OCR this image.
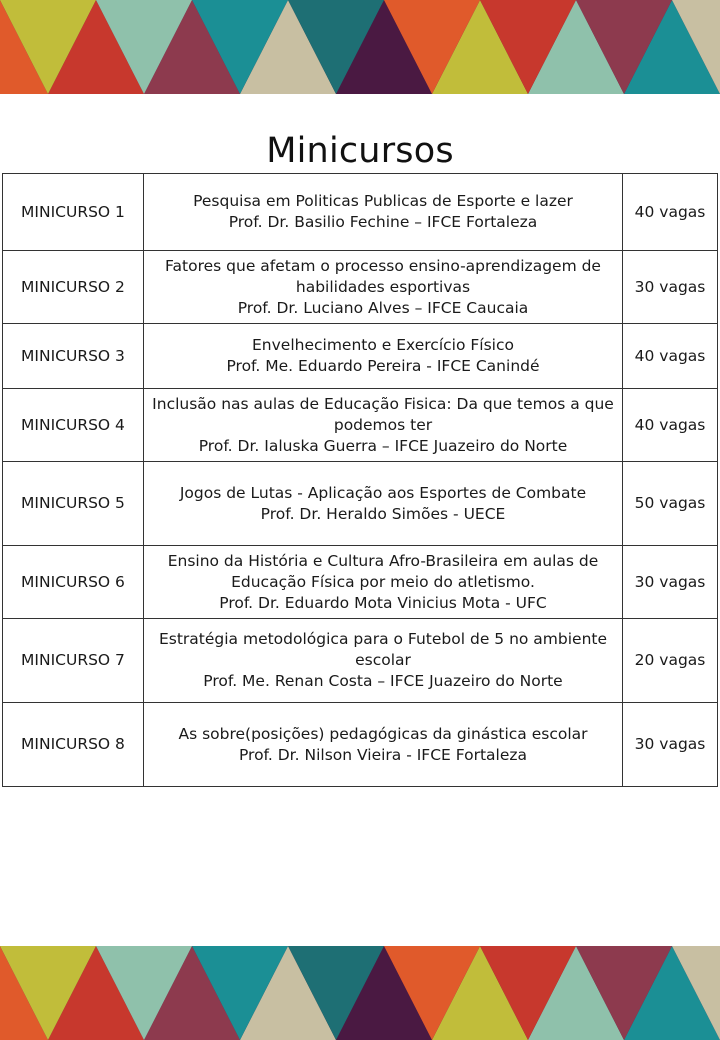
Minicursos
MINICURSO 1	Pesquisa em Politicas Publicas de Esporte e lazer
Prof. Dr. Basilio Fechine – IFCE Fortaleza	40 vagas
MINICURSO 2	Fatores que afetam o processo ensino-aprendizagem de
habilidades esportivas
Prof. Dr. Luciano Alves – IFCE Caucaia	30 vagas
MINICURSO 3	Envelhecimento e Exercício Físico
Prof. Me. Eduardo Pereira - IFCE Canindé	40 vagas
MINICURSO 4	Inclusão nas aulas de Educação Fisica: Da que temos a que
podemos ter
Prof. Dr. Ialuska Guerra – IFCE Juazeiro do Norte	40 vagas
MINICURSO 5	Jogos de Lutas - Aplicação aos Esportes de Combate
Prof. Dr. Heraldo Simões - UECE	50 vagas
MINICURSO 6	Ensino da História e Cultura Afro-Brasileira em aulas de
Educação Física por meio do atletismo.
Prof. Dr. Eduardo Mota Vinicius Mota - UFC	30 vagas
MINICURSO 7	Estratégia metodológica para o Futebol de 5 no ambiente
escolar
Prof. Me. Renan Costa – IFCE Juazeiro do Norte	20 vagas
MINICURSO 8	As sobre(posições) pedagógicas da ginástica escolar
Prof. Dr. Nilson Vieira - IFCE Fortaleza	30 vagas
